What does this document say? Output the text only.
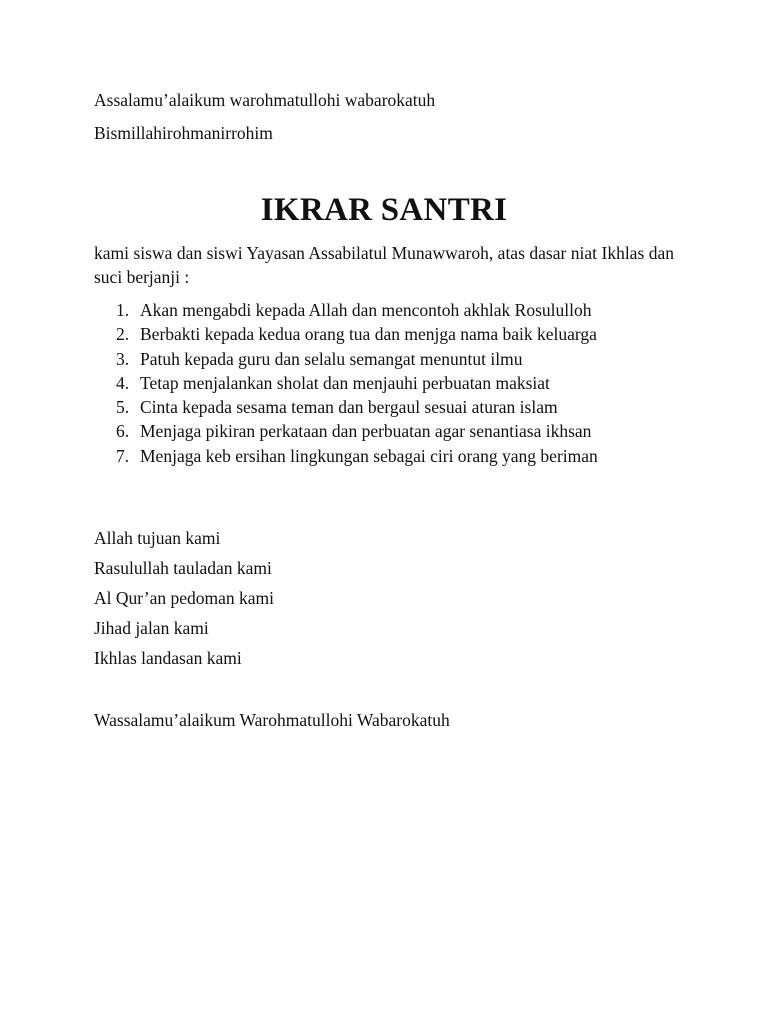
Assalamu’alaikum warohmatullohi wabarokatuh
Bismillahirohmanirrohim
IKRAR SANTRI
kami siswa dan siswi Yayasan Assabilatul Munawwaroh, atas dasar niat Ikhlas dan suci berjanji :
1. Akan mengabdi kepada Allah dan mencontoh akhlak Rosululloh
2. Berbakti kepada kedua orang tua dan menjga nama baik keluarga
3. Patuh kepada guru dan selalu semangat menuntut ilmu
4. Tetap menjalankan sholat dan menjauhi perbuatan maksiat
5. Cinta kepada sesama teman dan bergaul sesuai aturan islam
6. Menjaga pikiran perkataan dan perbuatan agar senantiasa ikhsan
7. Menjaga keb ersihan lingkungan sebagai ciri orang yang beriman
Allah tujuan kami
Rasulullah tauladan kami
Al Qur’an pedoman kami
Jihad jalan kami
Ikhlas landasan kami
Wassalamu’alaikum Warohmatullohi Wabarokatuh
